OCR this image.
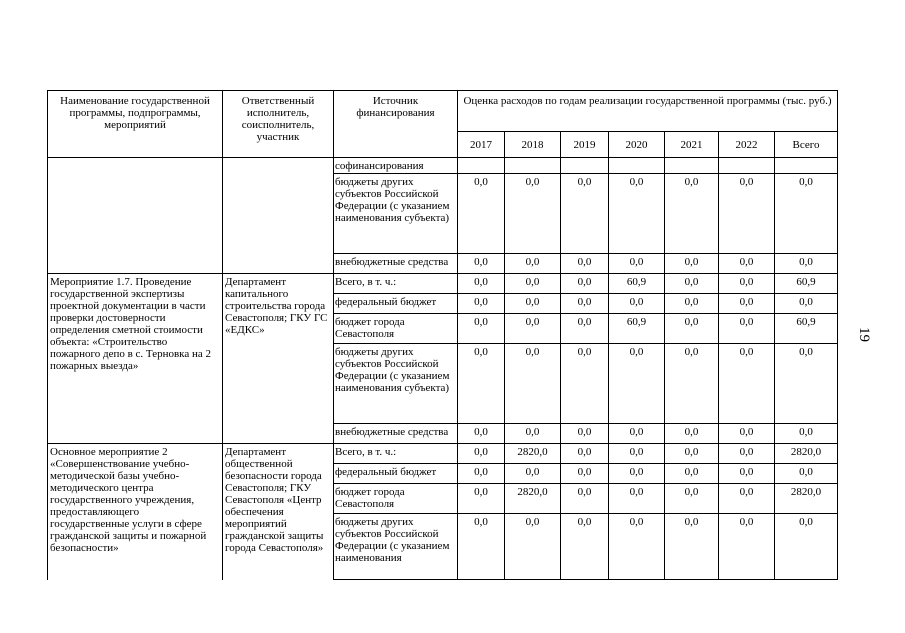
Наименование государственной программы, подпрограммы, мероприятий	Ответственный исполнитель, соисполнитель, участник	Источник финансирования	Оценка расходов по годам реализации государственной программы (тыс. руб.)						
			2017	2018	2019	2020	2021	2022	Всего
		софинансирования							
		бюджеты других субъектов Российской Федерации (с указанием наименования субъекта)	0,0	0,0	0,0	0,0	0,0	0,0	0,0
		внебюджетные средства	0,0	0,0	0,0	0,0	0,0	0,0	0,0
Мероприятие 1.7. Проведение государственной экспертизы проектной документации в части проверки достоверности определения сметной стоимости объекта: «Строительство пожарного депо в с. Терновка на 2 пожарных выезда»	Департамент капитального строительства города Севастополя; ГКУ ГС «ЕДКС»	Всего, в т. ч.:	0,0	0,0	0,0	60,9	0,0	0,0	60,9
		федеральный бюджет	0,0	0,0	0,0	0,0	0,0	0,0	0,0
		бюджет города Севастополя	0,0	0,0	0,0	60,9	0,0	0,0	60,9
		бюджеты других субъектов Российской Федерации (с указанием наименования субъекта)	0,0	0,0	0,0	0,0	0,0	0,0	0,0
		внебюджетные средства	0,0	0,0	0,0	0,0	0,0	0,0	0,0
Основное мероприятие 2 «Совершенствование учебно-методической базы учебно-методического центра государственного учреждения, предоставляющего государственные услуги в сфере гражданской защиты и пожарной безопасности»	Департамент общественной безопасности города Севастополя; ГКУ Севастополя «Центр обеспечения мероприятий гражданской защиты города Севастополя»	Всего, в т. ч.:	0,0	2820,0	0,0	0,0	0,0	0,0	2820,0
		федеральный бюджет	0,0	0,0	0,0	0,0	0,0	0,0	0,0
		бюджет города Севастополя	0,0	2820,0	0,0	0,0	0,0	0,0	2820,0
		бюджеты других субъектов Российской Федерации (с указанием наименования	0,0	0,0	0,0	0,0	0,0	0,0	0,0
19
